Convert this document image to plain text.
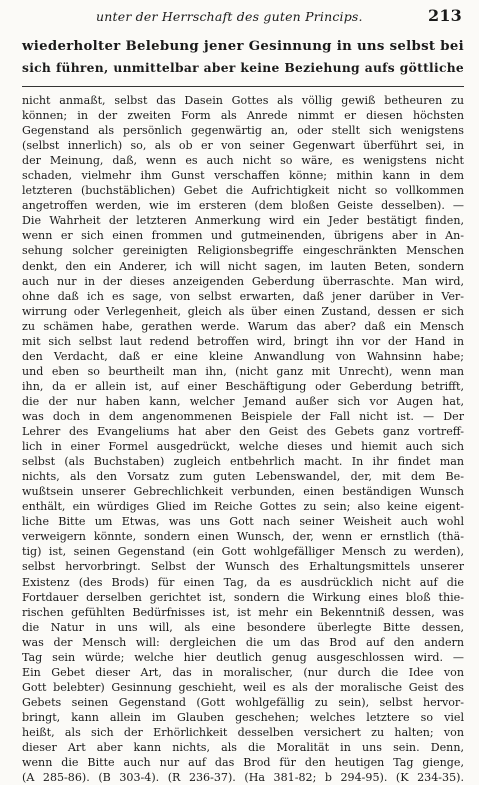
unter der Herrschaft des guten Princips.	213
wiederholter Belebung jener Gesinnung in uns selbst bei
sich führen, unmittelbar aber keine Beziehung aufs göttliche
nicht anmaßt, selbst das Dasein Gottes als völlig gewiß betheuren zu
können; in der zweiten Form als Anrede nimmt er diesen höchsten
Gegenstand als persönlich gegenwärtig an, oder stellt sich wenigstens
(selbst innerlich) so, als ob er von seiner Gegenwart überführt sei, in
der Meinung, daß, wenn es auch nicht so wäre, es wenigstens nicht
schaden, vielmehr ihm Gunst verschaffen könne; mithin kann in dem
letzteren (buchstäblichen) Gebet die Aufrichtigkeit nicht so vollkommen
angetroffen werden, wie im ersteren (dem bloßen Geiste desselben). —
Die Wahrheit der letzteren Anmerkung wird ein Jeder bestätigt finden,
wenn er sich einen frommen und gutmeinenden, übrigens aber in An-
sehung solcher gereinigten Religionsbegriffe eingeschränkten Menschen
denkt, den ein Anderer, ich will nicht sagen, im lauten Beten, sondern
auch nur in der dieses anzeigenden Geberdung überraschte. Man wird,
ohne daß ich es sage, von selbst erwarten, daß jener darüber in Ver-
wirrung oder Verlegenheit, gleich als über einen Zustand, dessen er sich
zu schämen habe, gerathen werde. Warum das aber? daß ein Mensch
mit sich selbst laut redend betroffen wird, bringt ihn vor der Hand in
den Verdacht, daß er eine kleine Anwandlung von Wahnsinn habe;
und eben so beurtheilt man ihn, (nicht ganz mit Unrecht), wenn man
ihn, da er allein ist, auf einer Beschäftigung oder Geberdung betrifft,
die der nur haben kann, welcher Jemand außer sich vor Augen hat,
was doch in dem angenommenen Beispiele der Fall nicht ist. — Der
Lehrer des Evangeliums hat aber den Geist des Gebets ganz vortreff-
lich in einer Formel ausgedrückt, welche dieses und hiemit auch sich
selbst (als Buchstaben) zugleich entbehrlich macht. In ihr findet man
nichts, als den Vorsatz zum guten Lebenswandel, der, mit dem Be-
wußtsein unserer Gebrechlichkeit verbunden, einen beständigen Wunsch
enthält, ein würdiges Glied im Reiche Gottes zu sein; also keine eigent-
liche Bitte um Etwas, was uns Gott nach seiner Weisheit auch wohl
verweigern könnte, sondern einen Wunsch, der, wenn er ernstlich (thä-
tig) ist, seinen Gegenstand (ein Gott wohlgefälliger Mensch zu werden),
selbst hervorbringt. Selbst der Wunsch des Erhaltungsmittels unserer
Existenz (des Brods) für einen Tag, da es ausdrücklich nicht auf die
Fortdauer derselben gerichtet ist, sondern die Wirkung eines bloß thie-
rischen gefühlten Bedürfnisses ist, ist mehr ein Bekenntniß dessen, was
die Natur in uns will, als eine besondere überlegte Bitte dessen,
was der Mensch will: dergleichen die um das Brod auf den andern
Tag sein würde; welche hier deutlich genug ausgeschlossen wird. —
Ein Gebet dieser Art, das in moralischer, (nur durch die Idee von
Gott belebter) Gesinnung geschieht, weil es als der moralische Geist des
Gebets seinen Gegenstand (Gott wohlgefällig zu sein), selbst hervor-
bringt, kann allein im Glauben geschehen; welches letztere so viel
heißt, als sich der Erhörlichkeit desselben versichert zu halten; von
dieser Art aber kann nichts, als die Moralität in uns sein. Denn,
wenn die Bitte auch nur auf das Brod für den heutigen Tag gienge,
(A 285-86). (B 303-4). (R 236-37). (Ha 381-82; b 294-95). (K 234-35).
